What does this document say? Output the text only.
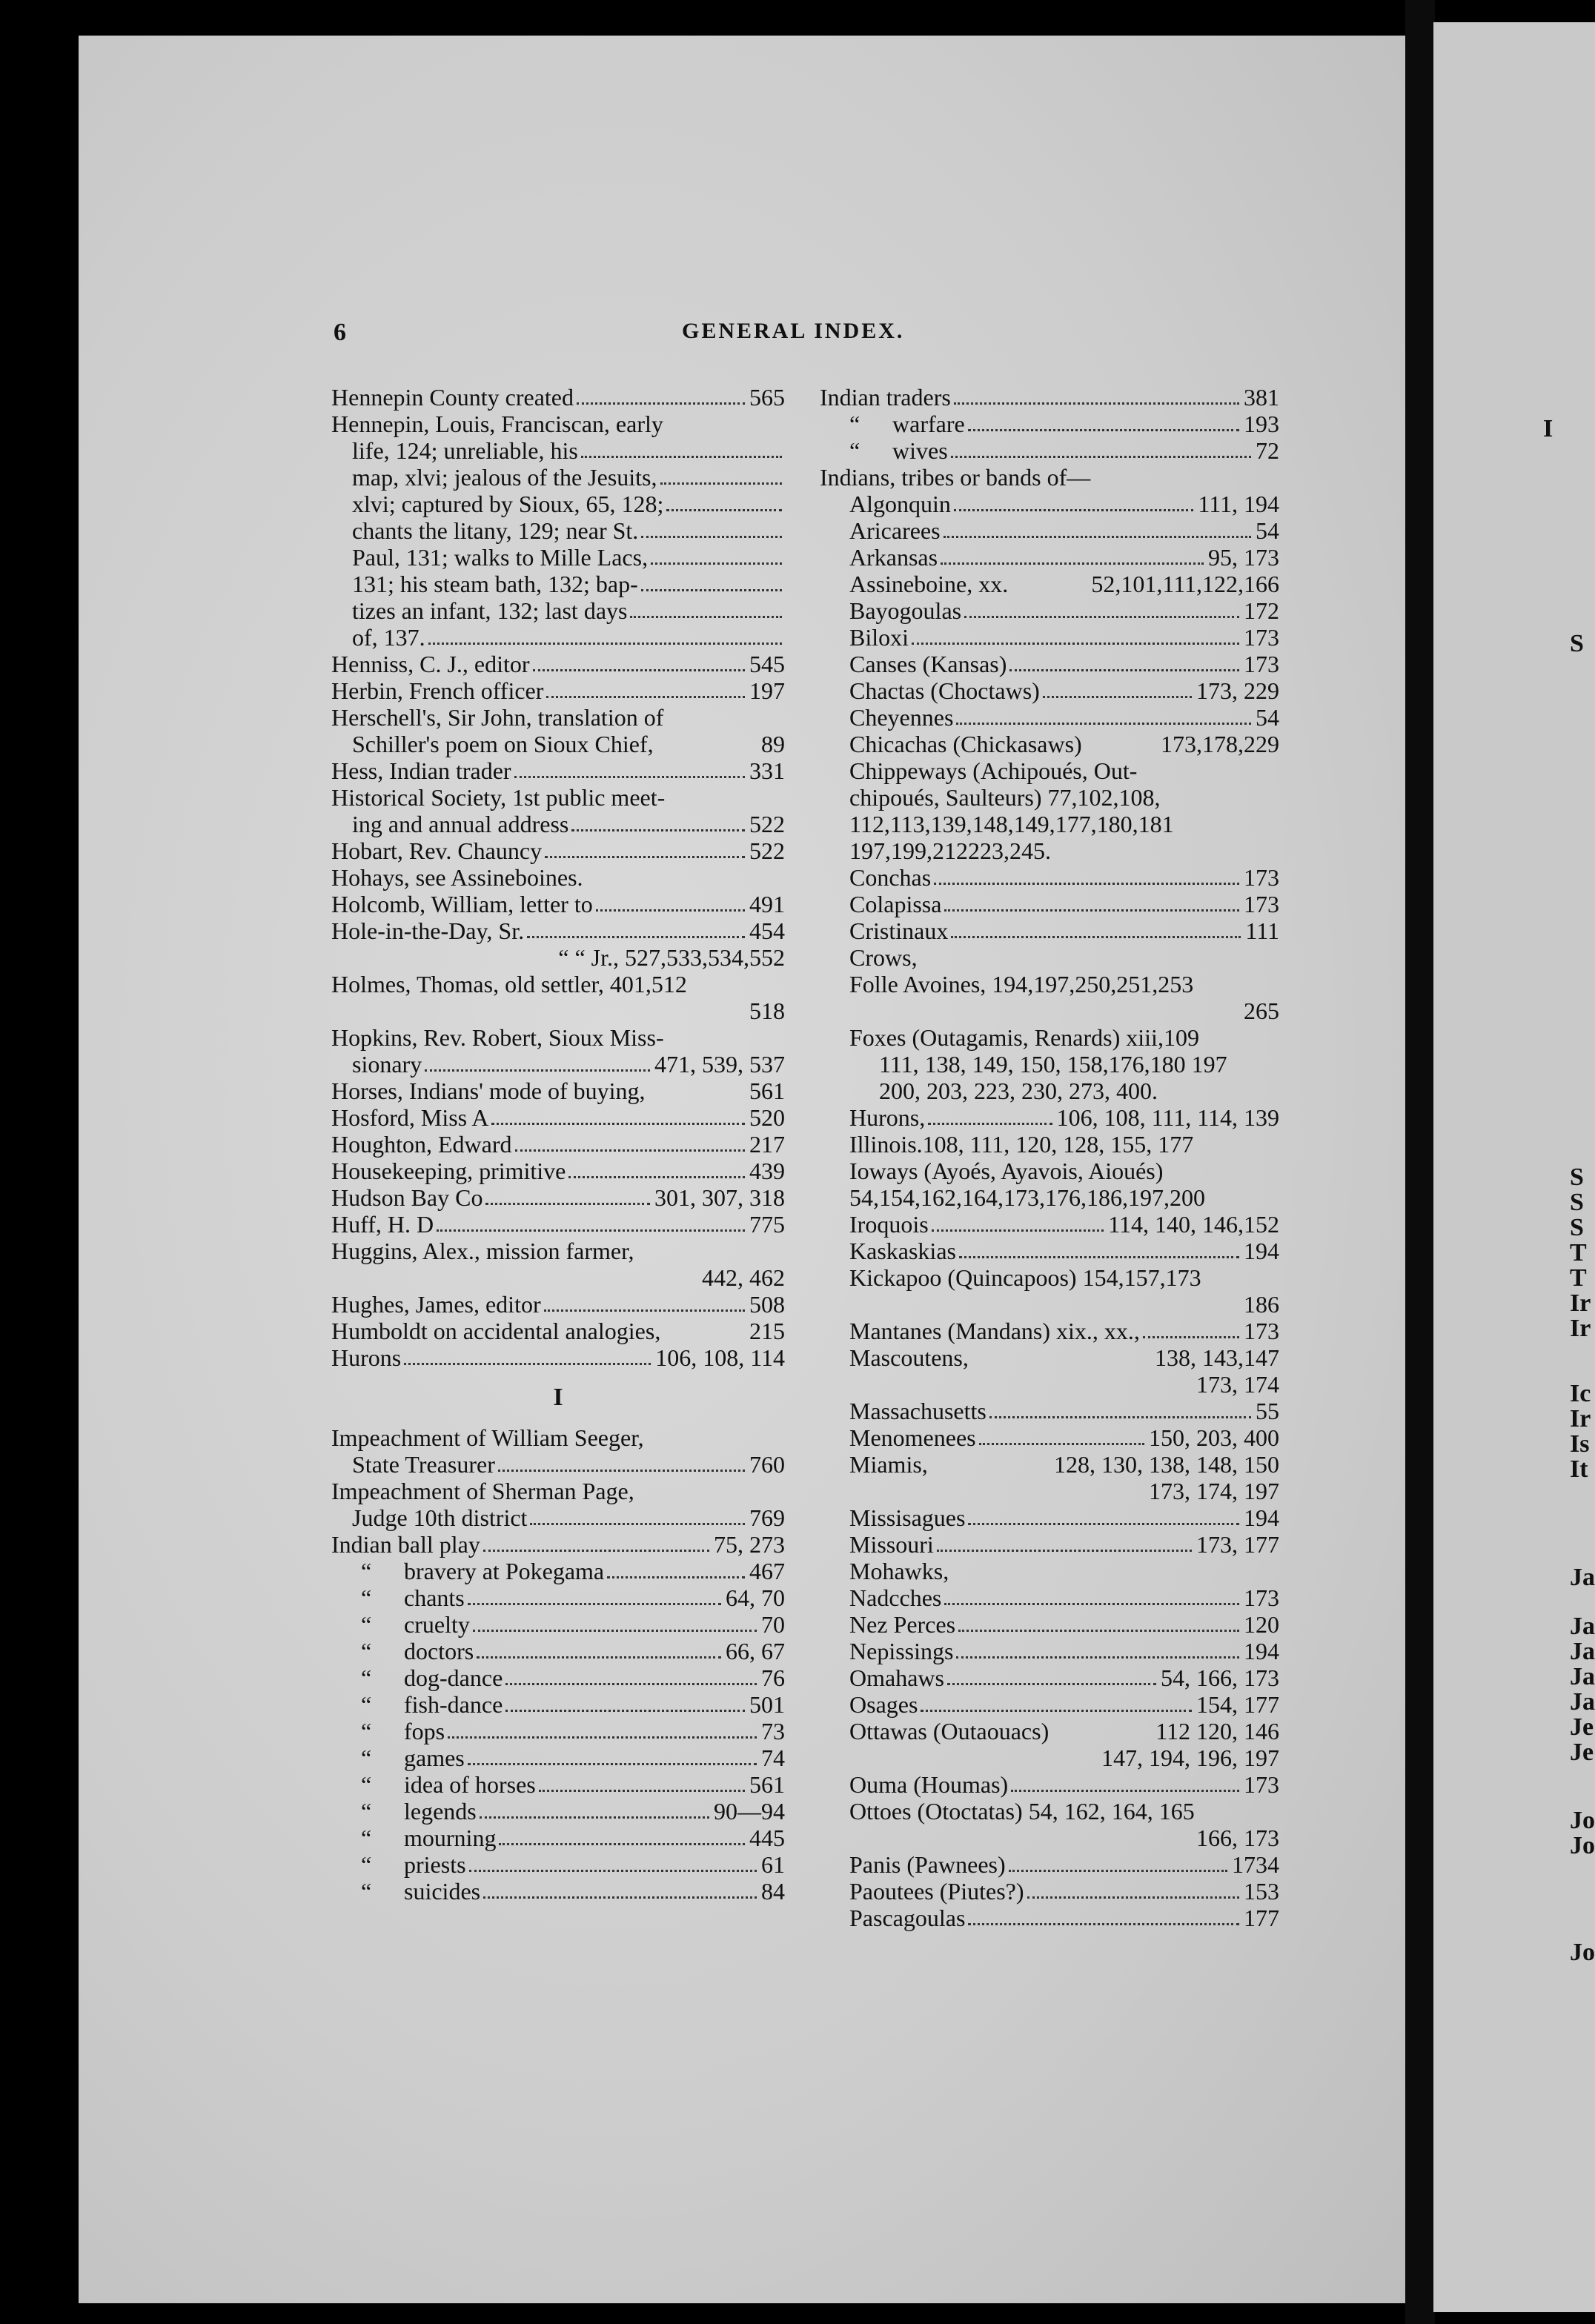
6	GENERAL INDEX.
Hennepin County created	565
Hennepin, Louis, Franciscan, early
life, 124; unreliable, his
map, xlvi; jealous of the Jesuits,
xlvi; captured by Sioux, 65, 128;
chants the litany, 129; near St.
Paul, 131; walks to Mille Lacs,
131; his steam bath, 132; bap-
tizes an infant, 132; last days
of, 137.
Henniss, C. J., editor	545
Herbin, French officer	197
Herschell's, Sir John, translation of
Schiller's poem on Sioux Chief,	89
Hess, Indian trader	331
Historical Society, 1st public meet-
ing and annual address	522
Hobart, Rev. Chauncy	522
Hohays, see Assineboines.
Holcomb, William, letter to	491
Hole-in-the-Day, Sr.	454
“ “ Jr., 527,533,534,552
Holmes, Thomas, old settler, 401,512
518
Hopkins, Rev. Robert, Sioux Miss-
sionary	471, 539, 537
Horses, Indians' mode of buying,	561
Hosford, Miss A	520
Houghton, Edward	217
Housekeeping, primitive	439
Hudson Bay Co	301, 307, 318
Huff, H. D	775
Huggins, Alex., mission farmer,
442, 462
Hughes, James, editor	508
Humboldt on accidental analogies,	215
Hurons	106, 108, 114
I
Impeachment of William Seeger,
State Treasurer	760
Impeachment of Sherman Page,
Judge 10th district	769
Indian ball play	75, 273
“	bravery at Pokegama	467
“	chants	64, 70
“	cruelty	70
“	doctors	66, 67
“	dog-dance	76
“	fish-dance	501
“	fops	73
“	games	74
“	idea of horses	561
“	legends	90—94
“	mourning	445
“	priests	61
“	suicides	84
Indian traders	381
“	warfare	193
“	wives	72
Indians, tribes or bands of—
Algonquin	111, 194
Aricarees	54
Arkansas	95, 173
Assineboine, xx.	52,101,111,122,166
Bayogoulas	172
Biloxi	173
Canses (Kansas)	173
Chactas (Choctaws)	173, 229
Cheyennes	54
Chicachas (Chickasaws)	173,178,229
Chippeways (Achipoués, Out-
chipoués, Saulteurs) 77,102,108,
112,113,139,148,149,177,180,181
197,199,212223,245.
Conchas	173
Colapissa	173
Cristinaux	111
Crows,
Folle Avoines, 194,197,250,251,253
265
Foxes (Outagamis, Renards) xiii,109
111, 138, 149, 150, 158,176,180 197
200, 203, 223, 230, 273, 400.
Hurons,	106, 108, 111, 114, 139
Illinois.108, 111, 120, 128, 155, 177
Ioways (Ayoés, Ayavois, Aioués)
54,154,162,164,173,176,186,197,200
Iroquois	114, 140, 146,152
Kaskaskias	194
Kickapoo (Quincapoos) 154,157,173
186
Mantanes (Mandans) xix., xx.,	173
Mascoutens,	138, 143,147
173, 174
Massachusetts	55
Menomenees	150, 203, 400
Miamis,	128, 130, 138, 148, 150
173, 174, 197
Missisagues	194
Missouri	173, 177
Mohawks,
Nadcches	173
Nez Perces	120
Nepissings	194
Omahaws	54, 166, 173
Osages	154, 177
Ottawas (Outaouacs)	112 120, 146
147, 194, 196, 197
Ouma (Houmas)	173
Ottoes (Otoctatas) 54, 162, 164, 165
166, 173
Panis (Pawnees)	1734
Paoutees (Piutes?)	153
Pascagoulas	177
I
S
S
S
S
T
T
Ir
Ir
Ic
Ir
Is
It
Ja
Ja
Ja
Ja
Ja
Je
Je
Jo
Jo
Jo
